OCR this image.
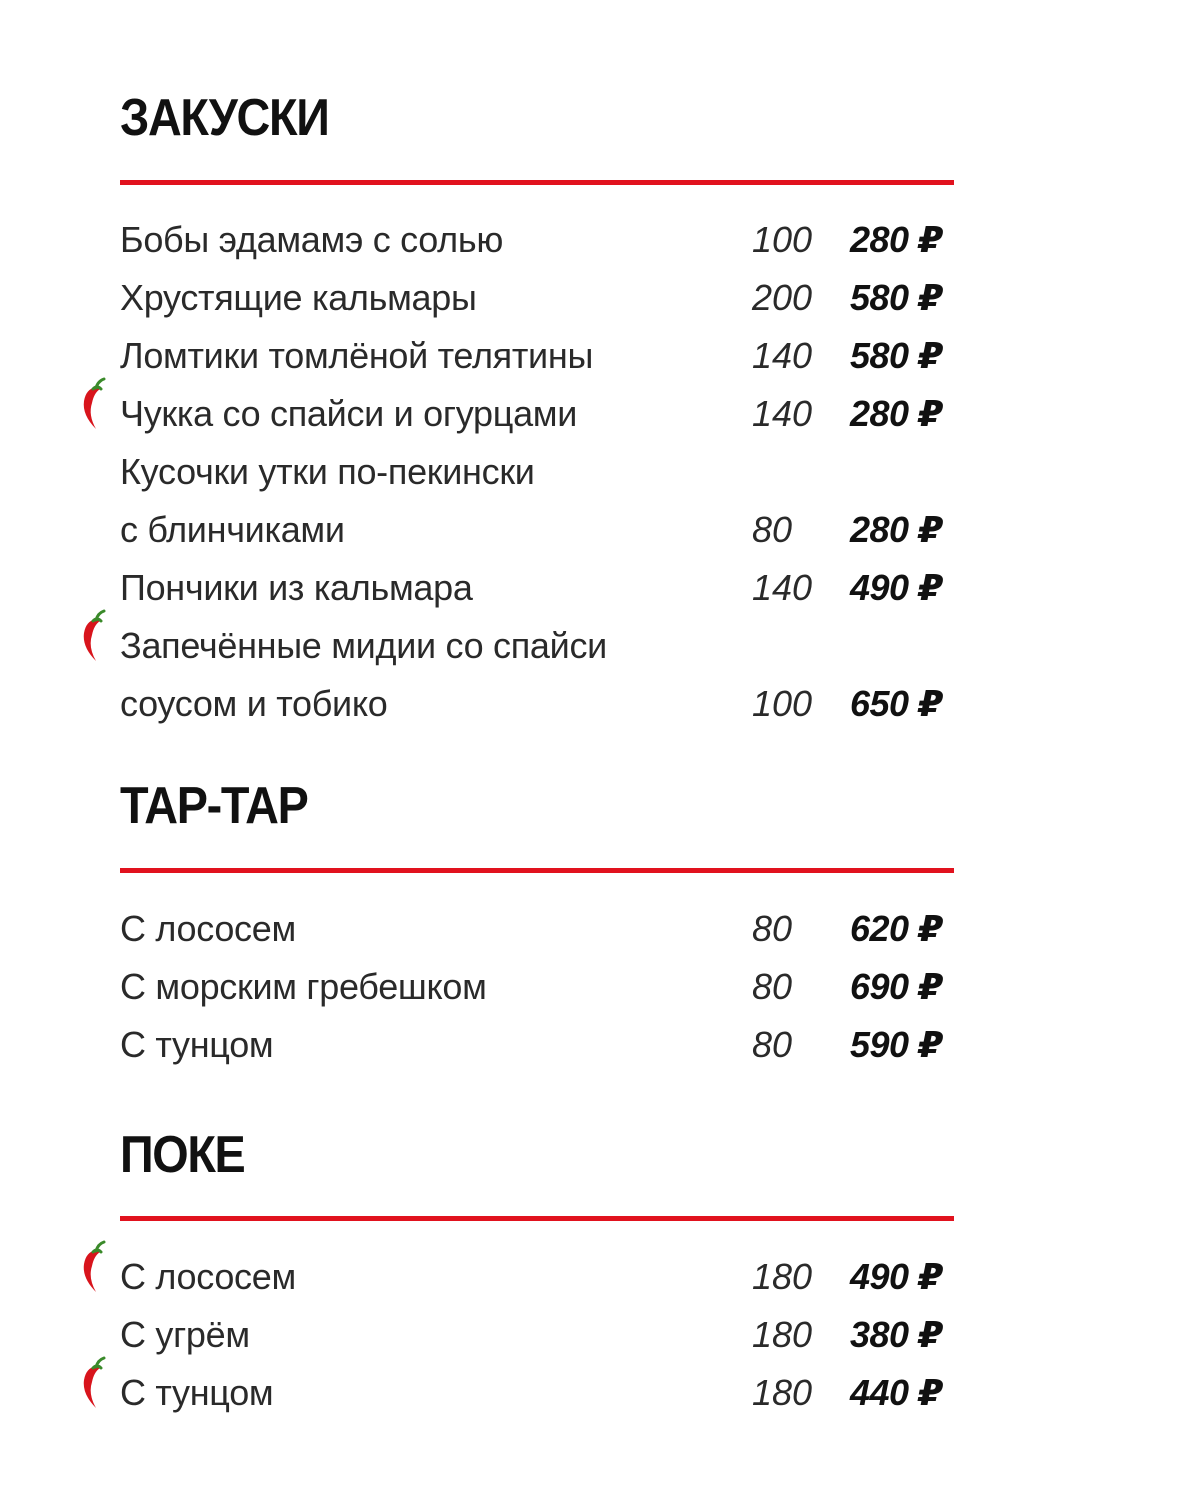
ЗАКУСКИ
Бобы эдамамэ с солью	100 280 ₽
Хрустящие кальмары	200 580 ₽
Ломтики томлёной телятины	140 580 ₽
Чукка со спайси и огурцами	140 280 ₽
Кусочки утки по-пекински
с блинчиками	80 280 ₽
Пончики из кальмара	140 490 ₽
Запечённые мидии со спайси
соусом и тобико	100 650 ₽
ТАР-ТАР
С лососем	80 620 ₽
С морским гребешком	80 690 ₽
С тунцом	80 590 ₽
ПОКЕ
С лососем	180 490 ₽
С угрём	180 380 ₽
С тунцом	180 440 ₽
